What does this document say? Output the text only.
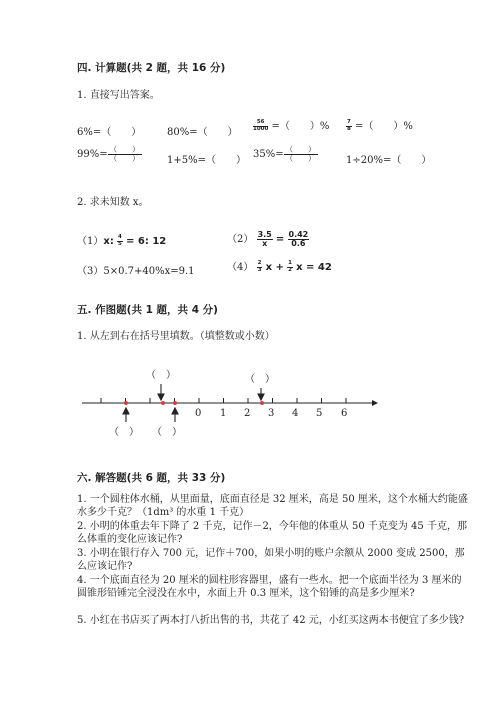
四. 计算题(共 2 题，共 16 分)
1. 直接写出答案。
6%=（　　）	80%=（　　）	$\frac{56}{1000}$ =（　　）%	$\frac{7}{8}$ =（　　）%
$99\%= \frac{( )}{( )}$	1+5%=（　　）
$35\%= \frac{( )}{( )}$	1÷20%=（　　）
2. 求未知数 x。
（1）x: $\frac{4}{5} = 6$: 12	$(2) \frac{3.5}{x} = \frac{0.42}{0.6}$
（3）5×0.7+40%x=9.1	$(4) \frac{2}{3}$ $x + \frac{1}{2}$ x = 42
五. 作图题(共 1 题，共 4 分)
1. 从左到右在括号里填数。（填整数或小数）
（　）	（　）
（　） （　）
0 1 2 3 4 5 6
六. 解答题(共 6 题，共 33 分)
1. 一个圆柱体水桶，从里面量，底面直径是 32 厘米，高是 50 厘米，这个水桶大约能盛水多少千克？（1dm³ 的水重 1 千克）
2. 小明的体重去年下降了 2 千克，记作－2，今年他的体重从 50 千克变为 45 千克，那么体重的变化应该记作?
3. 小明在银行存入 700 元，记作＋700，如果小明的账户余额从 2000 变成 2500，那么应该记作?
4. 一个底面直径为 20 厘米的圆柱形容器里，盛有一些水。把一个底面半径为 3 厘米的圆锥形铅锤完全浸没在水中，水面上升 0.3 厘米，这个铅锤的高是多少厘米?
5. 小红在书店买了两本打八折出售的书，共花了 42 元，小红买这两本书便宜了多少钱?
